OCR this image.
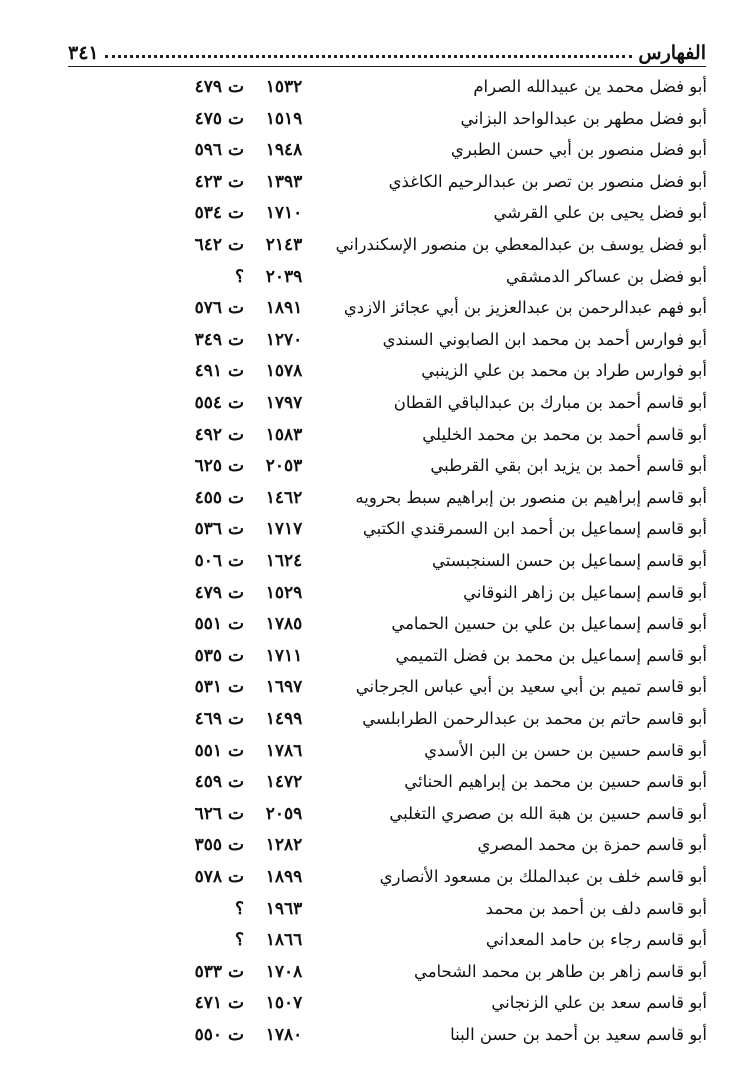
الفهارس
٣٤١
أبو فضل محمد ين عبيدالله الصرام
١٥٣٢
ت ٤٧٩
أبو فضل مطهر بن عبدالواحد البزاني
١٥١٩
ت ٤٧٥
أبو فضل منصور بن أبي حسن الطبري
١٩٤٨
ت ٥٩٦
أبو فضل منصور بن تصر بن عبدالرحيم الكاغذي
١٣٩٣
ت ٤٢٣
أبو فضل يحيى بن علي القرشي
١٧١٠
ت ٥٣٤
أبو فضل يوسف بن عبدالمعطي بن منصور الإسكندراني
٢١٤٣
ت ٦٤٢
أبو فضل بن عساكر الدمشقي
٢٠٣٩
؟
أبو فهم عبدالرحمن بن عبدالعزيز بن أبي عجائز الازدي
١٨٩١
ت ٥٧٦
أبو فوارس أحمد بن محمد ابن الصابوني السندي
١٢٧٠
ت ٣٤٩
أبو فوارس طراد بن محمد بن علي الزينبي
١٥٧٨
ت ٤٩١
أبو قاسم أحمد بن مبارك بن عبدالباقي القطان
١٧٩٧
ت ٥٥٤
أبو قاسم أحمد بن محمد بن محمد الخليلي
١٥٨٣
ت ٤٩٢
أبو قاسم أحمد بن يزيد ابن بقي القرطبي
٢٠٥٣
ت ٦٢٥
أبو قاسم إبراهيم بن منصور بن إبراهيم سبط بحرويه
١٤٦٢
ت ٤٥٥
أبو قاسم إسماعيل بن أحمد ابن السمرقندي الكتبي
١٧١٧
ت ٥٣٦
أبو قاسم إسماعيل بن حسن السنجبستي
١٦٢٤
ت ٥٠٦
أبو قاسم إسماعيل بن زاهر النوقاني
١٥٢٩
ت ٤٧٩
أبو قاسم إسماعيل بن علي بن حسين الحمامي
١٧٨٥
ت ٥٥١
أبو قاسم إسماعيل بن محمد بن فضل التميمي
١٧١١
ت ٥٣٥
أبو قاسم تميم بن أبي سعيد بن أبي عباس الجرجاني
١٦٩٧
ت ٥٣١
أبو قاسم حاتم بن محمد بن عبدالرحمن الطرابلسي
١٤٩٩
ت ٤٦٩
أبو قاسم حسين بن حسن بن البن الأسدي
١٧٨٦
ت ٥٥١
أبو قاسم حسين بن محمد بن إبراهيم الحنائي
١٤٧٢
ت ٤٥٩
أبو قاسم حسين بن هبة الله بن صصري التغلبي
٢٠٥٩
ت ٦٢٦
أبو قاسم حمزة بن محمد المصري
١٢٨٢
ت ٣٥٥
أبو قاسم خلف بن عبدالملك بن مسعود الأنصاري
١٨٩٩
ت ٥٧٨
أبو قاسم دلف بن أحمد بن محمد
١٩٦٣
؟
أبو قاسم رجاء بن حامد المعداني
١٨٦٦
؟
أبو قاسم زاهر بن طاهر بن محمد الشحامي
١٧٠٨
ت ٥٣٣
أبو قاسم سعد بن علي الزنجاني
١٥٠٧
ت ٤٧١
أبو قاسم سعيد بن أحمد بن حسن البنا
١٧٨٠
ت ٥٥٠
